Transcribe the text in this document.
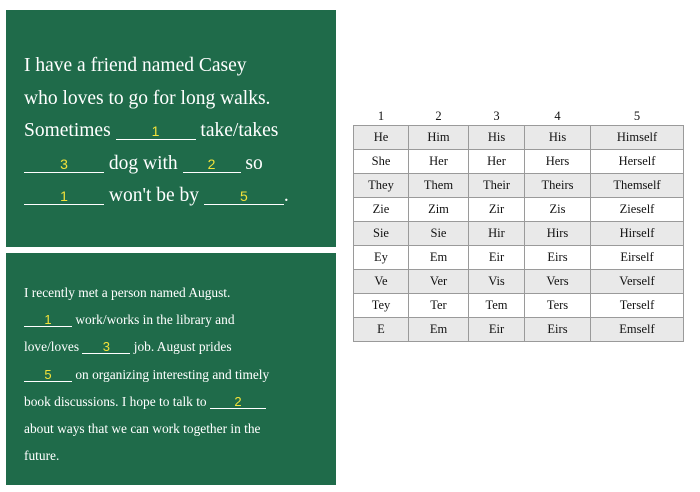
I have a friend named Casey
who loves to go for long walks.
Sometimes	1 take/takes
3 dog with 2 so
1 won't be by	5 .
I recently met a person named August.
1 work/works in the library and
love/loves 3 job. August prides
5 on organizing interesting and timely
book discussions. I hope to talk to 2
about ways that we can work together in the
future.
1	2	3	4	5
He	Him	His	His	Himself
She	Her	Her	Hers	Herself
They	Them	Their	Theirs	Themself
Zie	Zim	Zir	Zis	Zieself
Sie	Sie	Hir	Hirs	Hirself
Ey	Em	Eir	Eirs	Eirself
Ve	Ver	Vis	Vers	Verself
Tey	Ter	Tem	Ters	Terself
E	Em	Eir	Eirs	Emself
